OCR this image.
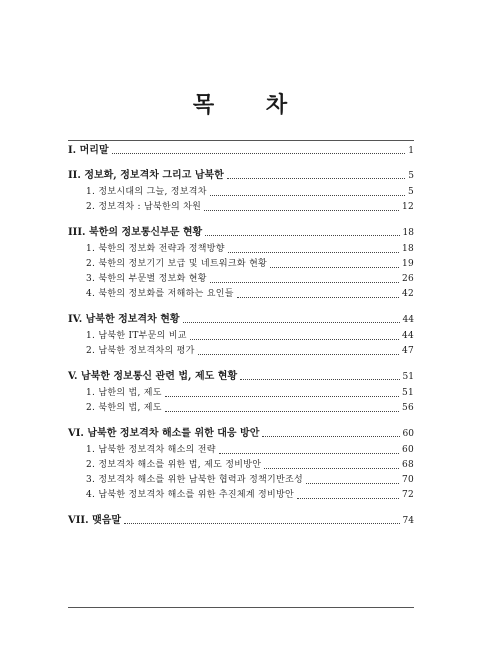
목 차
I. 머리말	1
II. 정보화, 정보격차 그리고 남북한	5
1. 정보시대의 그늘, 정보격차	5
2. 정보격차 : 남북한의 차원	12
III. 북한의 정보통신부문 현황	18
1. 북한의 정보화 전략과 정책방향	18
2. 북한의 정보기기 보급 및 네트워크화 현황	19
3. 북한의 부문별 정보화 현황	26
4. 북한의 정보화를 저해하는 요인들	42
IV. 남북한 정보격차 현황	44
1. 남북한 IT부문의 비교	44
2. 남북한 정보격차의 평가	47
V. 남북한 정보통신 관련 법, 제도 현황	51
1. 남한의 법, 제도	51
2. 북한의 법, 제도	56
VI. 남북한 정보격차 해소를 위한 대응 방안	60
1. 남북한 정보격차 해소의 전략	60
2. 정보격차 해소를 위한 법, 제도 정비방안	68
3. 정보격차 해소를 위한 남북한 협력과 정책기반조성	70
4. 남북한 정보격차 해소를 위한 추진체계 정비방안	72
VII. 맺음말	74
